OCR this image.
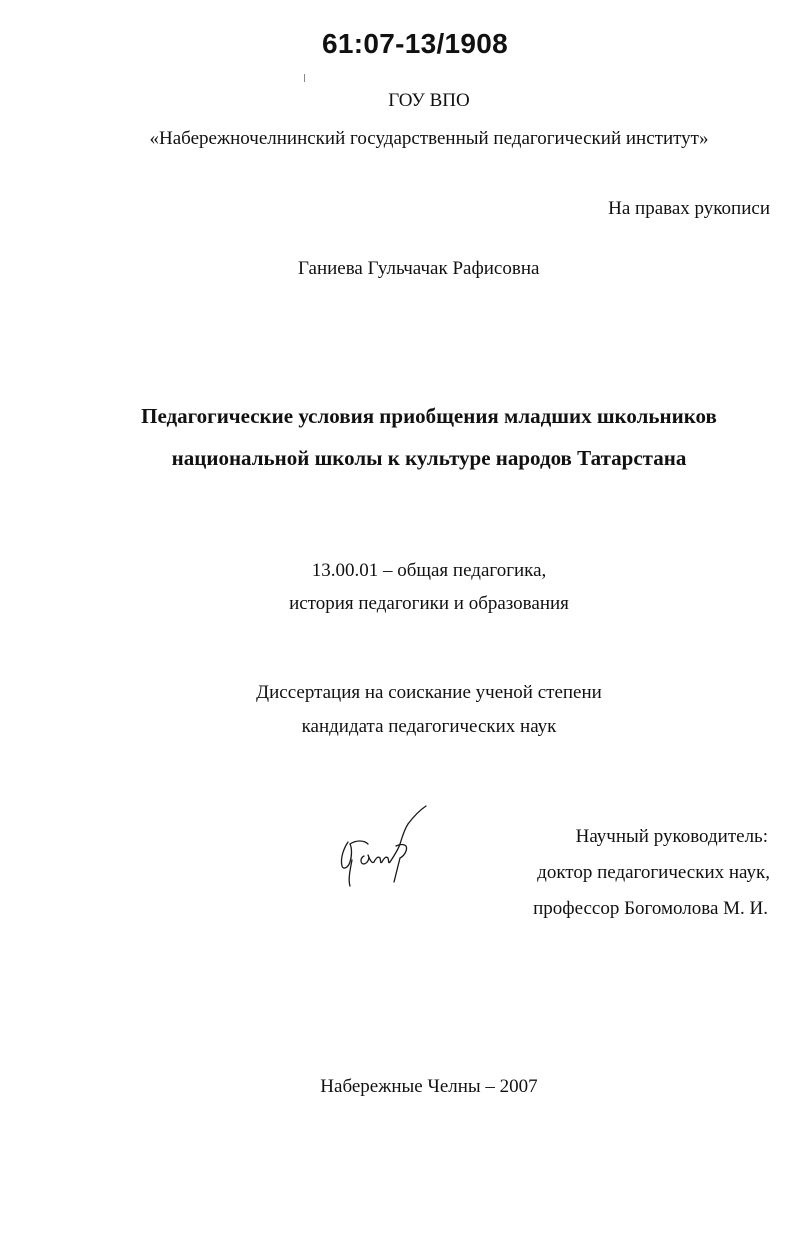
61:07-13/1908
ГОУ ВПО
«Набережночелнинский государственный педагогический институт»
На правах рукописи
Ганиева Гульчачак Рафисовна
Педагогические условия приобщения младших школьников
национальной школы к культуре народов Татарстана
13.00.01 – общая педагогика,
история педагогики и образования
Диссертация на соискание ученой степени
кандидата педагогических наук
Научный руководитель:
доктор педагогических наук,
профессор Богомолова М. И.
Набережные Челны – 2007
